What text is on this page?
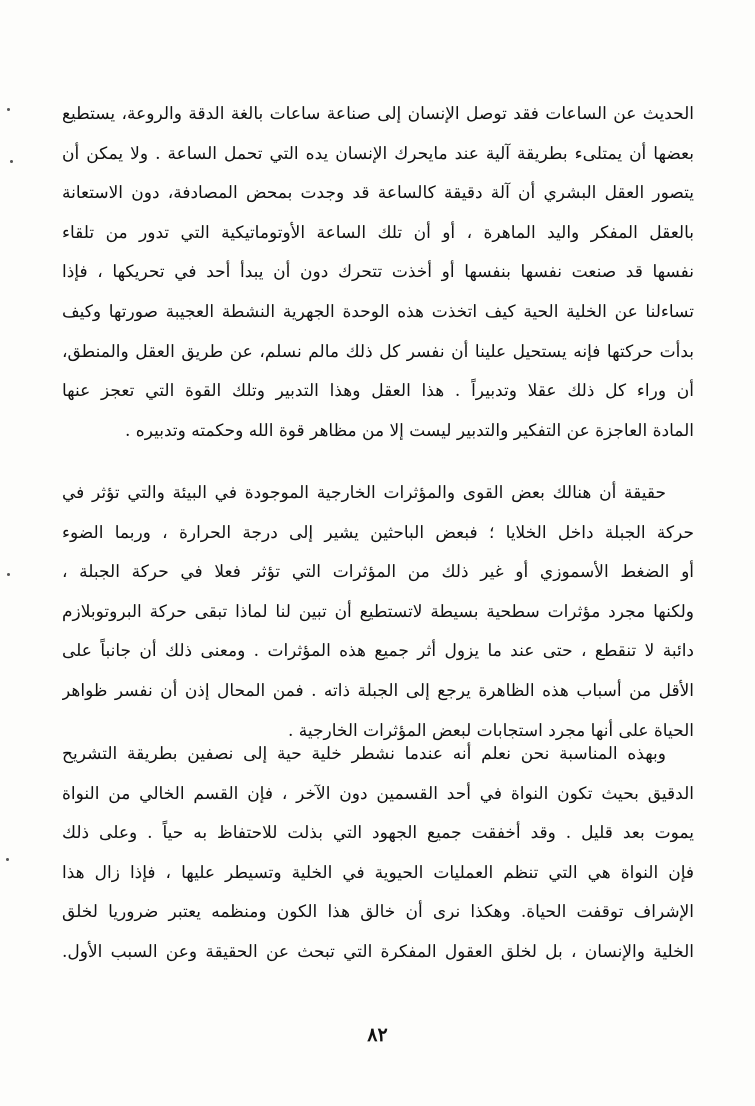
الحديث عن الساعات فقد توصل الإنسان إلى صناعة ساعات بالغة الدقة والروعة، يستطيع
بعضها أن يمتلىء بطريقة آلية عند مايحرك الإنسان يده التي تحمل الساعة . ولا يمكن أن
يتصور العقل البشري أن آلة دقيقة كالساعة قد وجدت بمحض المصادفة، دون الاستعانة
بالعقل المفكر واليد الماهرة ، أو أن تلك الساعة الأوتوماتيكية التي تدور من تلقاء
نفسها قد صنعت نفسها بنفسها أو أخذت تتحرك دون أن يبدأ أحد في تحريكها ، فإذا
تساءلنا عن الخلية الحية كيف اتخذت هذه الوحدة الجهرية النشطة العجيبة صورتها وكيف
بدأت حركتها فإنه يستحيل علينا أن نفسر كل ذلك مالم نسلم، عن طريق العقل والمنطق،
أن وراء كل ذلك عقلا وتدبيراً . هذا العقل وهذا التدبير وتلك القوة التي تعجز عنها
المادة العاجزة عن التفكير والتدبير ليست إلا من مظاهر قوة الله وحكمته وتدبيره .
حقيقة أن هنالك بعض القوى والمؤثرات الخارجية الموجودة في البيئة والتي تؤثر في
حركة الجبلة داخل الخلايا ؛ فبعض الباحثين يشير إلى درجة الحرارة ، وربما الضوء
أو الضغط الأسموزي أو غير ذلك من المؤثرات التي تؤثر فعلا في حركة الجبلة ،
ولكنها مجرد مؤثرات سطحية بسيطة لاتستطيع أن تبين لنا لماذا تبقى حركة البروتوبلازم
دائبة لا تنقطع ، حتى عند ما يزول أثر جميع هذه المؤثرات . ومعنى ذلك أن جانباً على
الأقل من أسباب هذه الظاهرة يرجع إلى الجبلة ذاته . فمن المحال إذن أن نفسر ظواهر
الحياة على أنها مجرد استجابات لبعض المؤثرات الخارجية .
وبهذه المناسبة نحن نعلم أنه عندما نشطر خلية حية إلى نصفين بطريقة التشريح
الدقيق بحيث تكون النواة في أحد القسمين دون الآخر ، فإن القسم الخالي من النواة
يموت بعد قليل . وقد أخفقت جميع الجهود التي بذلت للاحتفاظ به حياً . وعلى ذلك
فإن النواة هي التي تنظم العمليات الحيوية في الخلية وتسيطر عليها ، فإذا زال هذا
الإشراف توقفت الحياة. وهكذا نرى أن خالق هذا الكون ومنظمه يعتبر ضروريا لخلق
الخلية والإنسان ، بل لخلق العقول المفكرة التي تبحث عن الحقيقة وعن السبب الأول.
٨٢
